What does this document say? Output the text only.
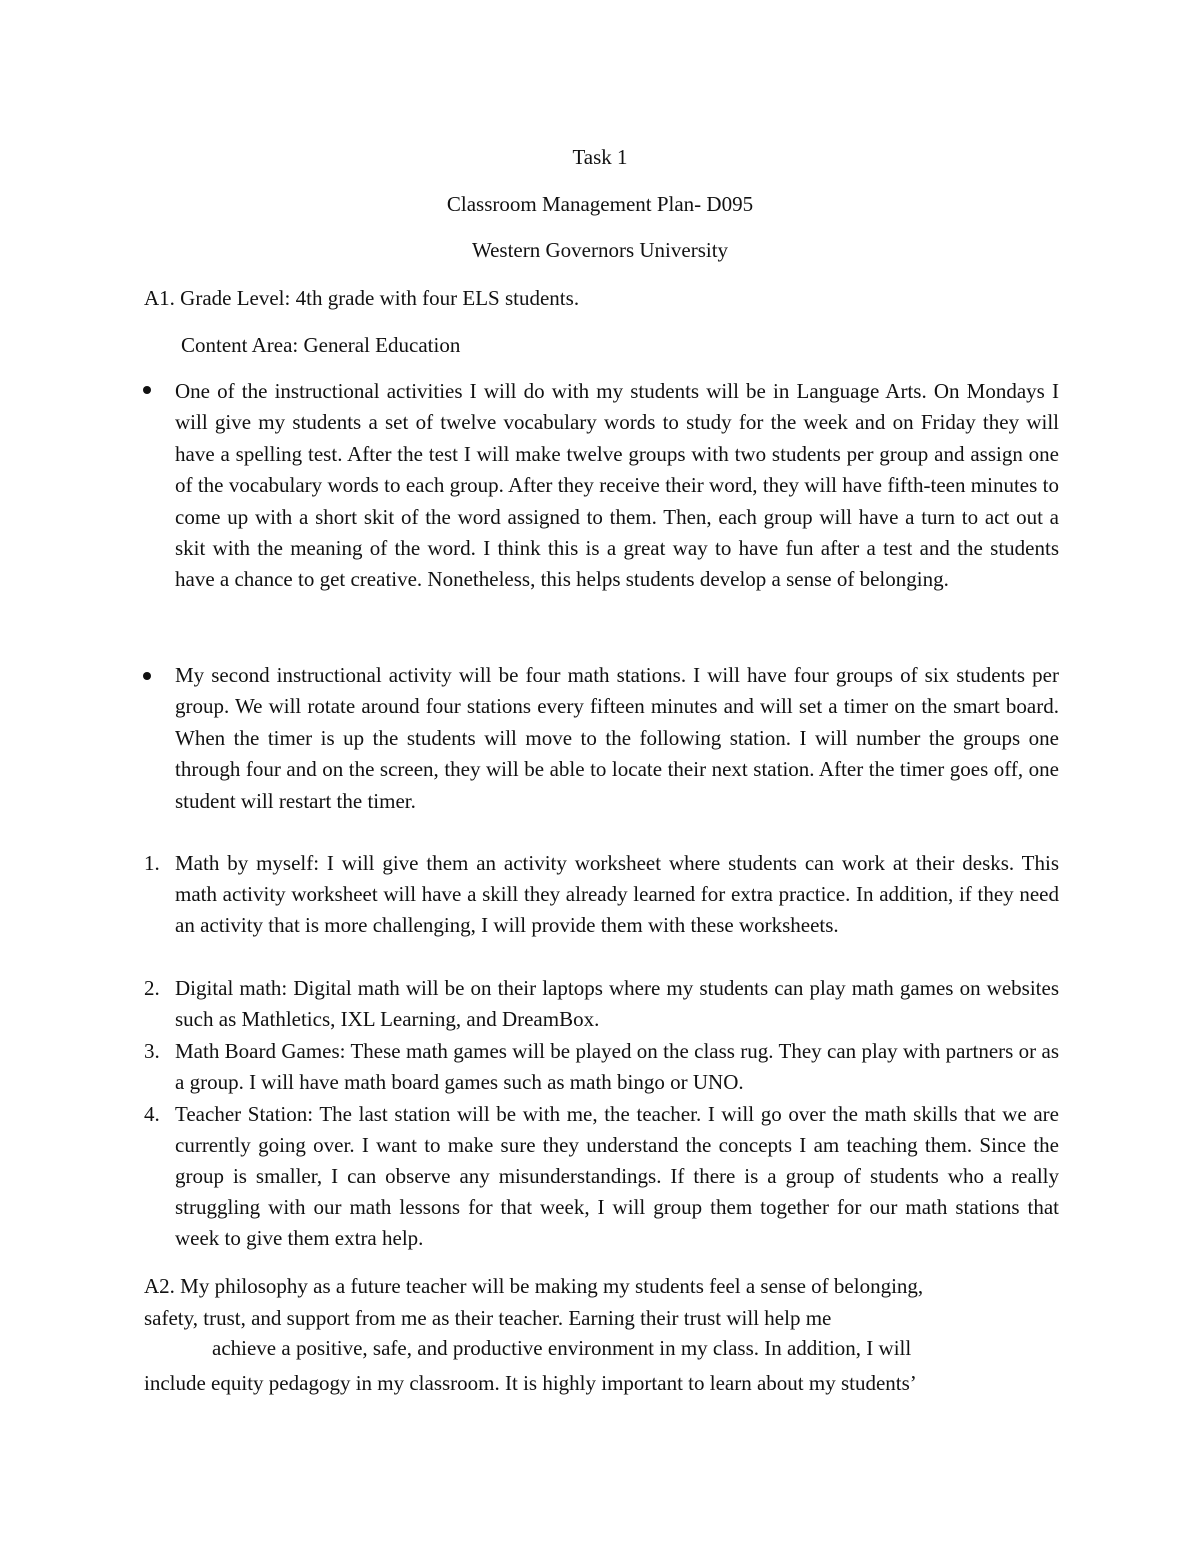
Task 1

Classroom Management Plan- D095

Western Governors University

A1. Grade Level: 4th grade with four ELS students.

Content Area: General Education

One of the instructional activities I will do with my students will be in Language Arts. On Mondays I will give my students a set of twelve vocabulary words to study for the week and on Friday they will have a spelling test. After the test I will make twelve groups with two students per group and assign one of the vocabulary words to each group. After they receive their word, they will have fifth-teen minutes to come up with a short skit of the word assigned to them. Then, each group will have a turn to act out a skit with the meaning of the word. I think this is a great way to have fun after a test and the students have a chance to get creative. Nonetheless, this helps students develop a sense of belonging.

My second instructional activity will be four math stations. I will have four groups of six students per group. We will rotate around four stations every fifteen minutes and will set a timer on the smart board. When the timer is up the students will move to the following station. I will number the groups one through four and on the screen, they will be able to locate their next station. After the timer goes off, one student will restart the timer.

1. Math by myself: I will give them an activity worksheet where students can work at their desks. This math activity worksheet will have a skill they already learned for extra practice. In addition, if they need an activity that is more challenging, I will provide them with these worksheets.

2. Digital math: Digital math will be on their laptops where my students can play math games on websites such as Mathletics, IXL Learning, and DreamBox.

3. Math Board Games: These math games will be played on the class rug. They can play with partners or as a group. I will have math board games such as math bingo or UNO.

4. Teacher Station: The last station will be with me, the teacher. I will go over the math skills that we are currently going over. I want to make sure they understand the concepts I am teaching them. Since the group is smaller, I can observe any misunderstandings. If there is a group of students who a really struggling with our math lessons for that week, I will group them together for our math stations that week to give them extra help.

A2. My philosophy as a future teacher will be making my students feel a sense of belonging,

safety, trust, and support from me as their teacher. Earning their trust will help me

achieve a positive, safe, and productive environment in my class. In addition, I will

include equity pedagogy in my classroom. It is highly important to learn about my students’
